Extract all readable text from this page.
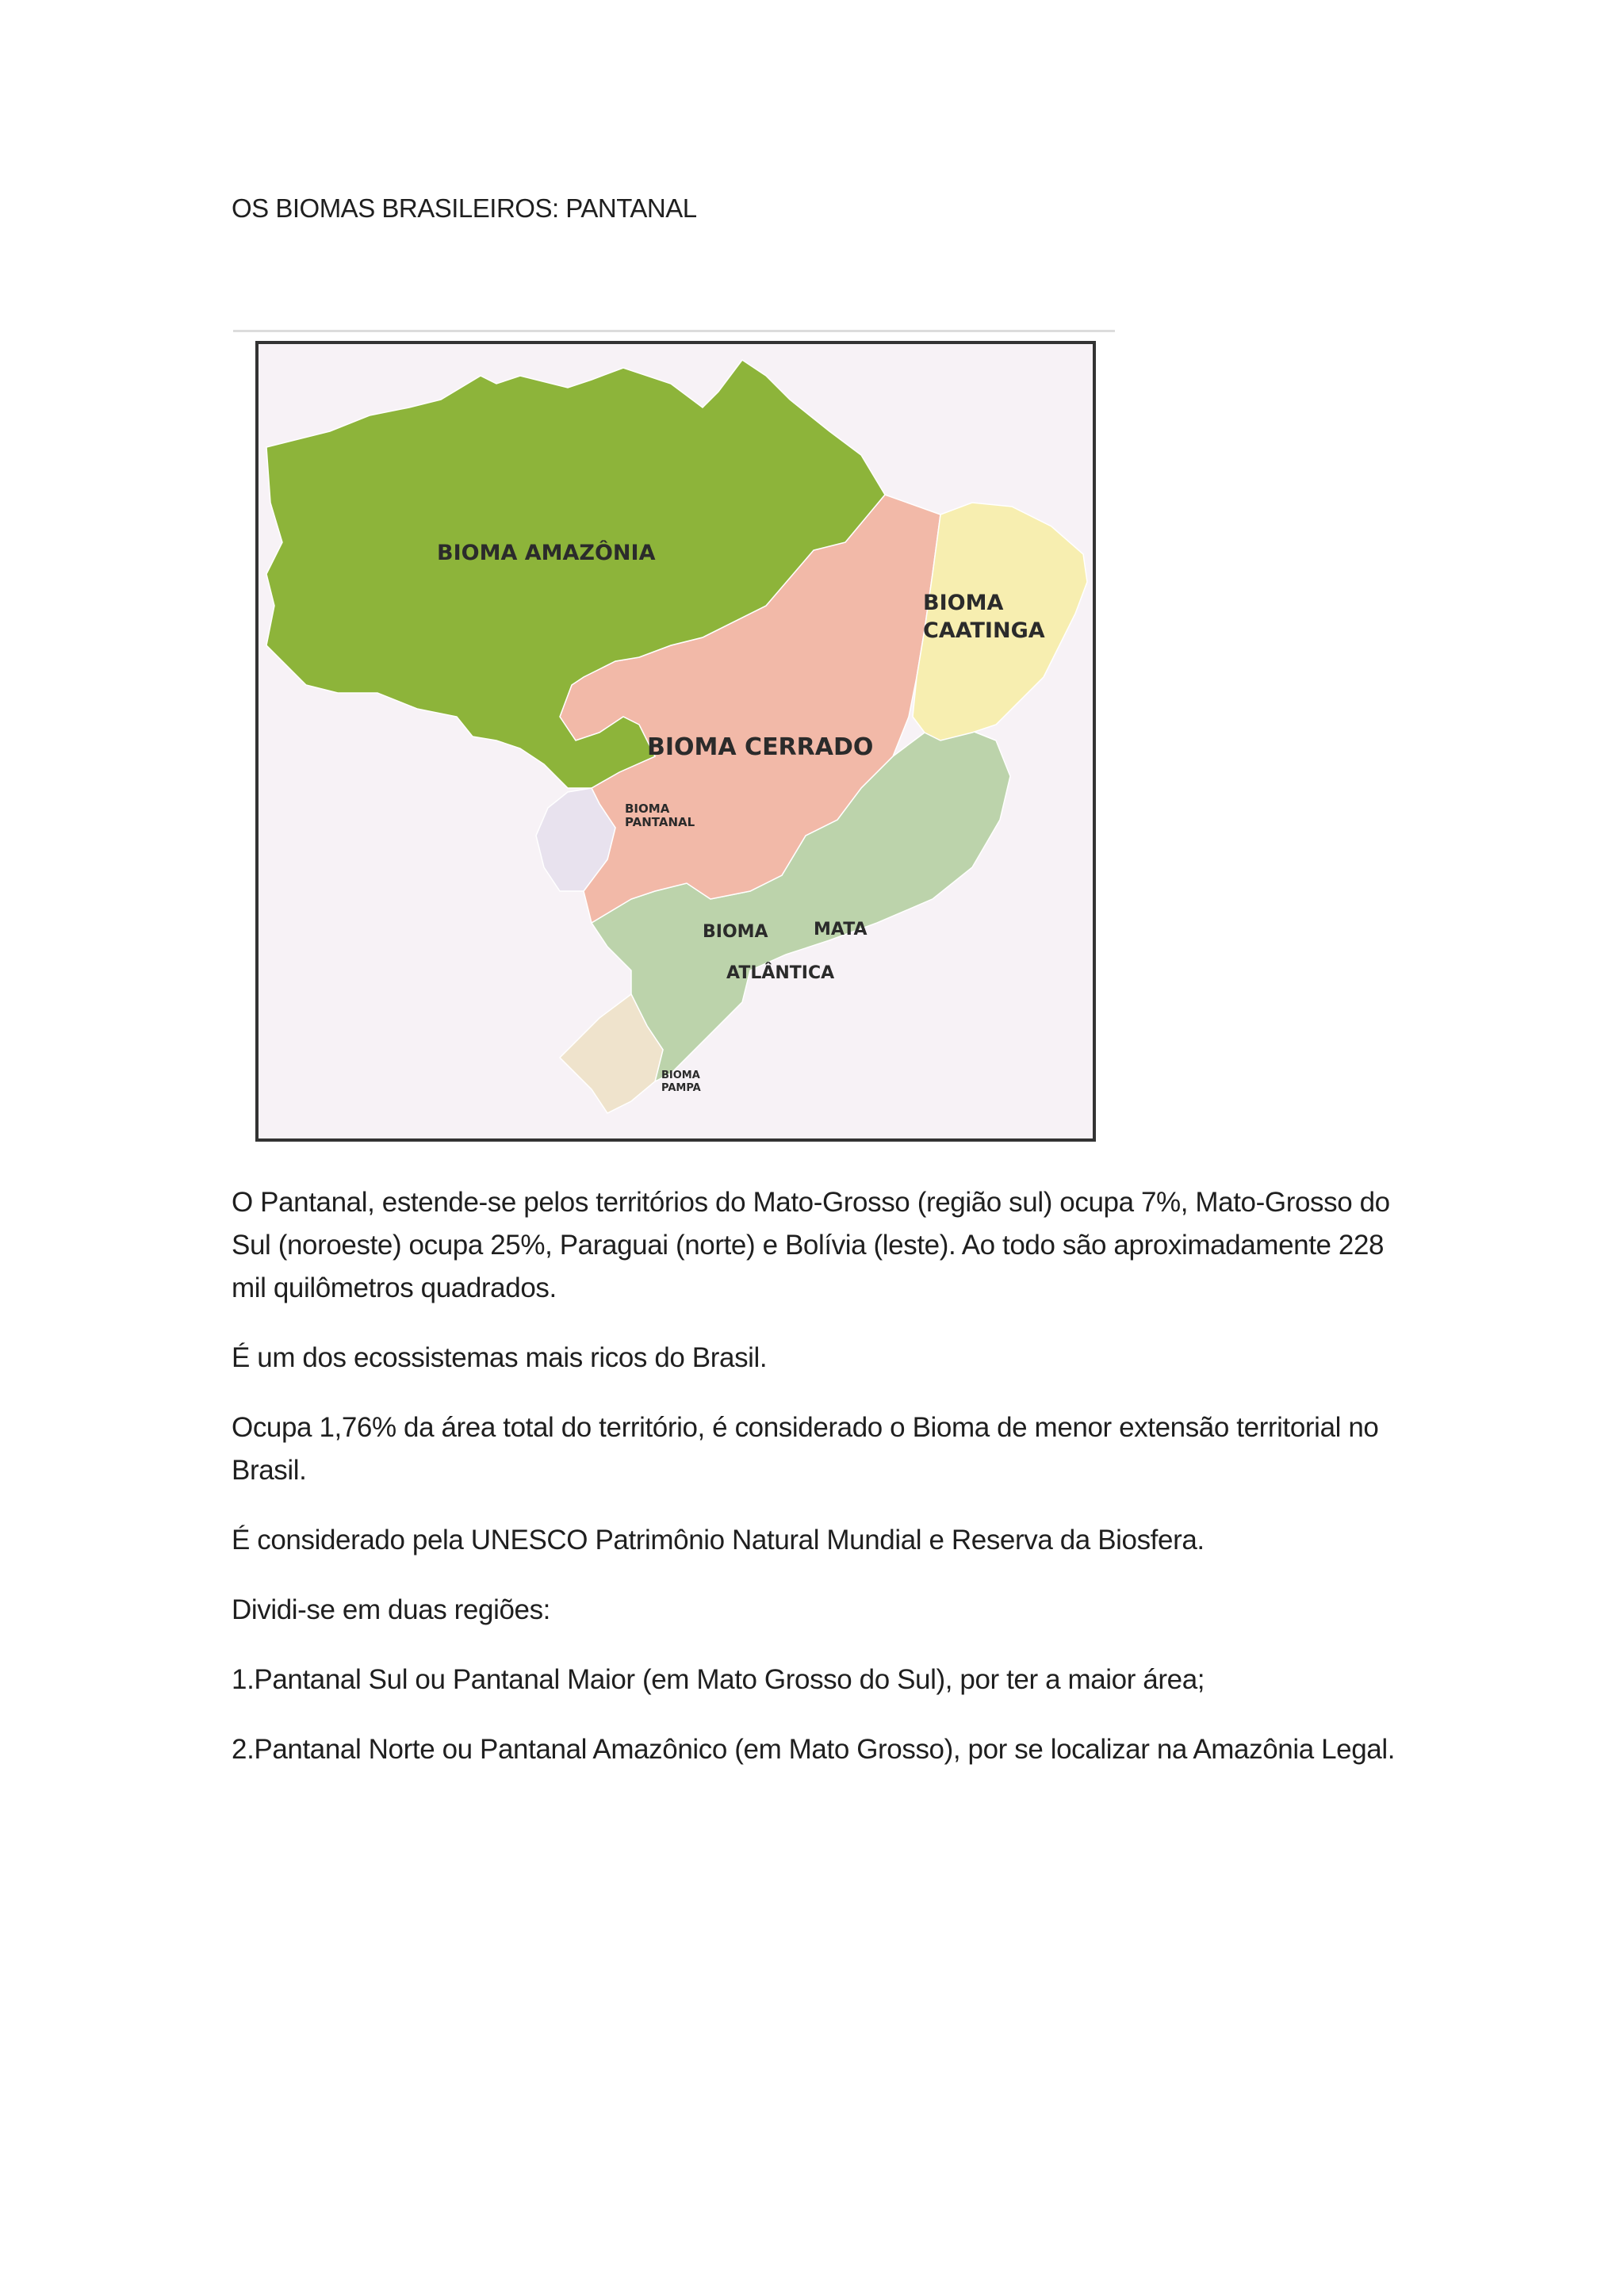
OS BIOMAS BRASILEIROS: PANTANAL
BIOMA AMAZÔNIA
BIOMA
CAATINGA
BIOMA CERRADO
BIOMA
PANTANAL
BIOMA	MATA
ATLÂNTICA
BIOMA
PAMPA

O Pantanal, estende-se pelos territórios do Mato-Grosso (região sul) ocupa 7%, Mato-Grosso do Sul (noroeste) ocupa 25%, Paraguai (norte) e Bolívia (leste). Ao todo são aproximadamente 228 mil quilômetros quadrados.

É um dos ecossistemas mais ricos do Brasil.

Ocupa 1,76% da área total do território, é considerado o Bioma de menor extensão territorial no Brasil.

É considerado pela UNESCO Patrimônio Natural Mundial e Reserva da Biosfera.

Dividi-se em duas regiões:

1.Pantanal Sul ou Pantanal Maior (em Mato Grosso do Sul), por ter a maior área;

2.Pantanal Norte ou Pantanal Amazônico (em Mato Grosso), por se localizar na Amazônia Legal.
